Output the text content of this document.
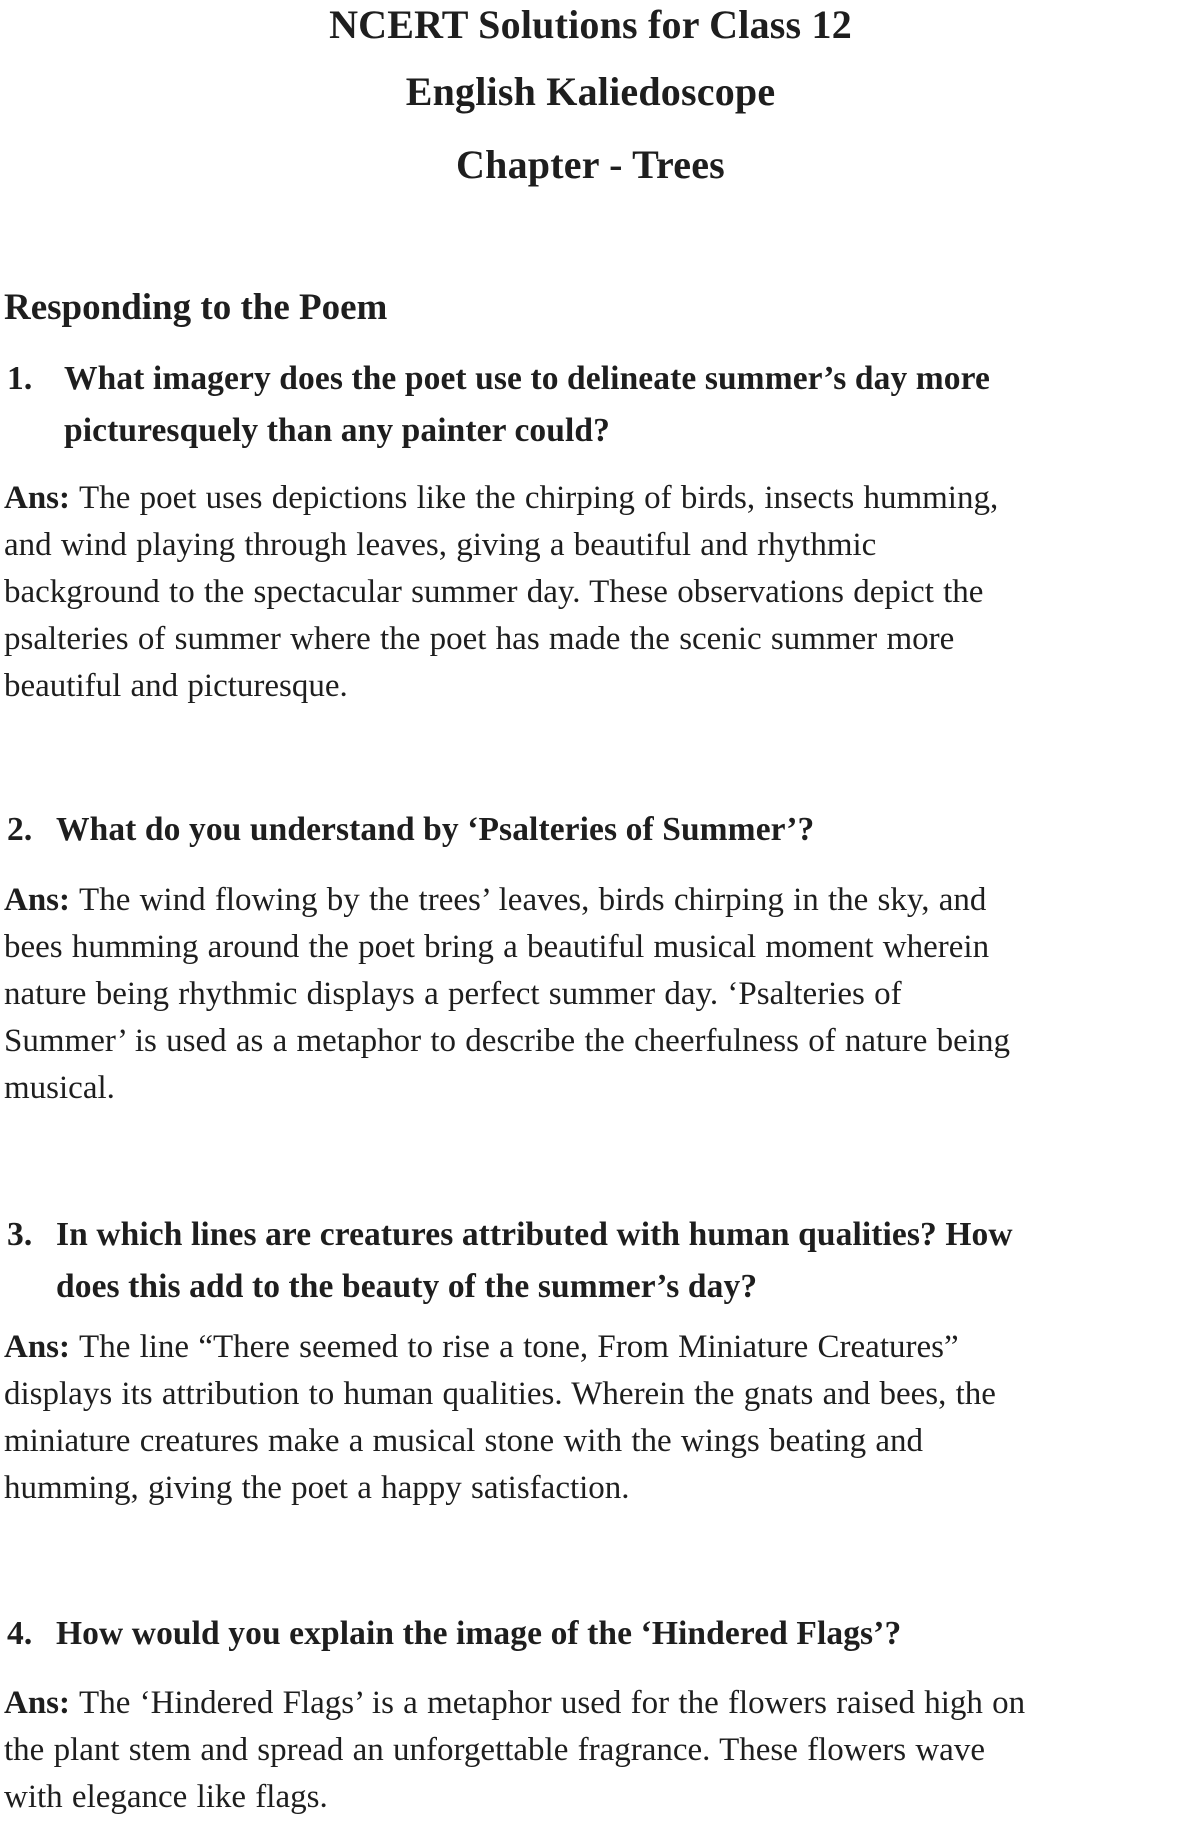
NCERT Solutions for Class 12
English Kaliedoscope
Chapter - Trees
Responding to the Poem
1. What imagery does the poet use to delineate summer’s day more
picturesquely than any painter could?
Ans: The poet uses depictions like the chirping of birds, insects humming,
and wind playing through leaves, giving a beautiful and rhythmic
background to the spectacular summer day. These observations depict the
psalteries of summer where the poet has made the scenic summer more
beautiful and picturesque.
2. What do you understand by ‘Psalteries of Summer’?
Ans: The wind flowing by the trees’ leaves, birds chirping in the sky, and
bees humming around the poet bring a beautiful musical moment wherein
nature being rhythmic displays a perfect summer day. ‘Psalteries of
Summer’ is used as a metaphor to describe the cheerfulness of nature being
musical.
3. In which lines are creatures attributed with human qualities? How
does this add to the beauty of the summer’s day?
Ans: The line “There seemed to rise a tone, From Miniature Creatures”
displays its attribution to human qualities. Wherein the gnats and bees, the
miniature creatures make a musical stone with the wings beating and
humming, giving the poet a happy satisfaction.
4. How would you explain the image of the ‘Hindered Flags’?
Ans: The ‘Hindered Flags’ is a metaphor used for the flowers raised high on
the plant stem and spread an unforgettable fragrance. These flowers wave
with elegance like flags.
